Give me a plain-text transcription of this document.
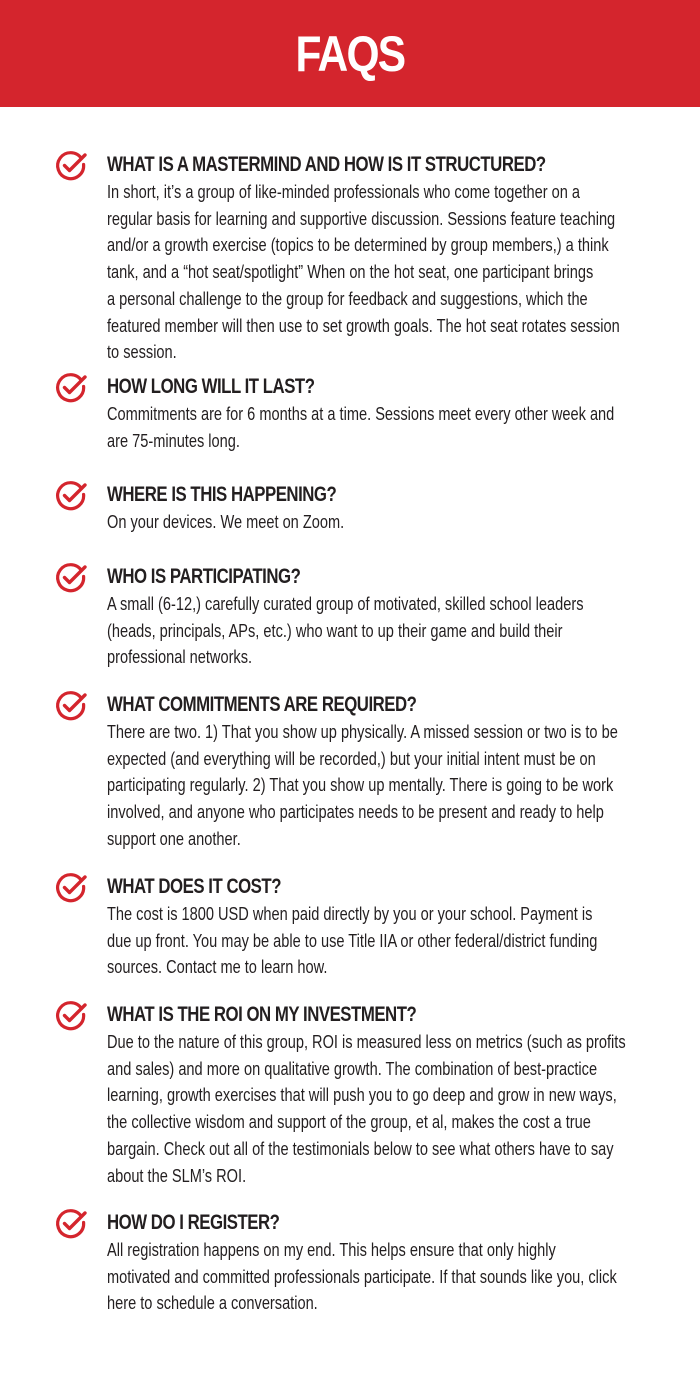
FAQS
WHAT IS A MASTERMIND AND HOW IS IT STRUCTURED?
In short, it’s a group of like-minded professionals who come together on a
regular basis for learning and supportive discussion. Sessions feature teaching
and/or a growth exercise (topics to be determined by group members,) a think
tank, and a “hot seat/spotlight” When on the hot seat, one participant brings
a personal challenge to the group for feedback and suggestions, which the
featured member will then use to set growth goals. The hot seat rotates session
to session.
HOW LONG WILL IT LAST?
Commitments are for 6 months at a time. Sessions meet every other week and
are 75-minutes long.
WHERE IS THIS HAPPENING?
On your devices. We meet on Zoom.
WHO IS PARTICIPATING?
A small (6-12,) carefully curated group of motivated, skilled school leaders
(heads, principals, APs, etc.) who want to up their game and build their
professional networks.
WHAT COMMITMENTS ARE REQUIRED?
There are two. 1) That you show up physically. A missed session or two is to be
expected (and everything will be recorded,) but your initial intent must be on
participating regularly. 2) That you show up mentally. There is going to be work
involved, and anyone who participates needs to be present and ready to help
support one another.
WHAT DOES IT COST?
The cost is 1800 USD when paid directly by you or your school. Payment is
due up front. You may be able to use Title IIA or other federal/district funding
sources. Contact me to learn how.
WHAT IS THE ROI ON MY INVESTMENT?
Due to the nature of this group, ROI is measured less on metrics (such as profits
and sales) and more on qualitative growth. The combination of best-practice
learning, growth exercises that will push you to go deep and grow in new ways,
the collective wisdom and support of the group, et al, makes the cost a true
bargain. Check out all of the testimonials below to see what others have to say
about the SLM’s ROI.
HOW DO I REGISTER?
All registration happens on my end. This helps ensure that only highly
motivated and committed professionals participate. If that sounds like you, click
here to schedule a conversation.
